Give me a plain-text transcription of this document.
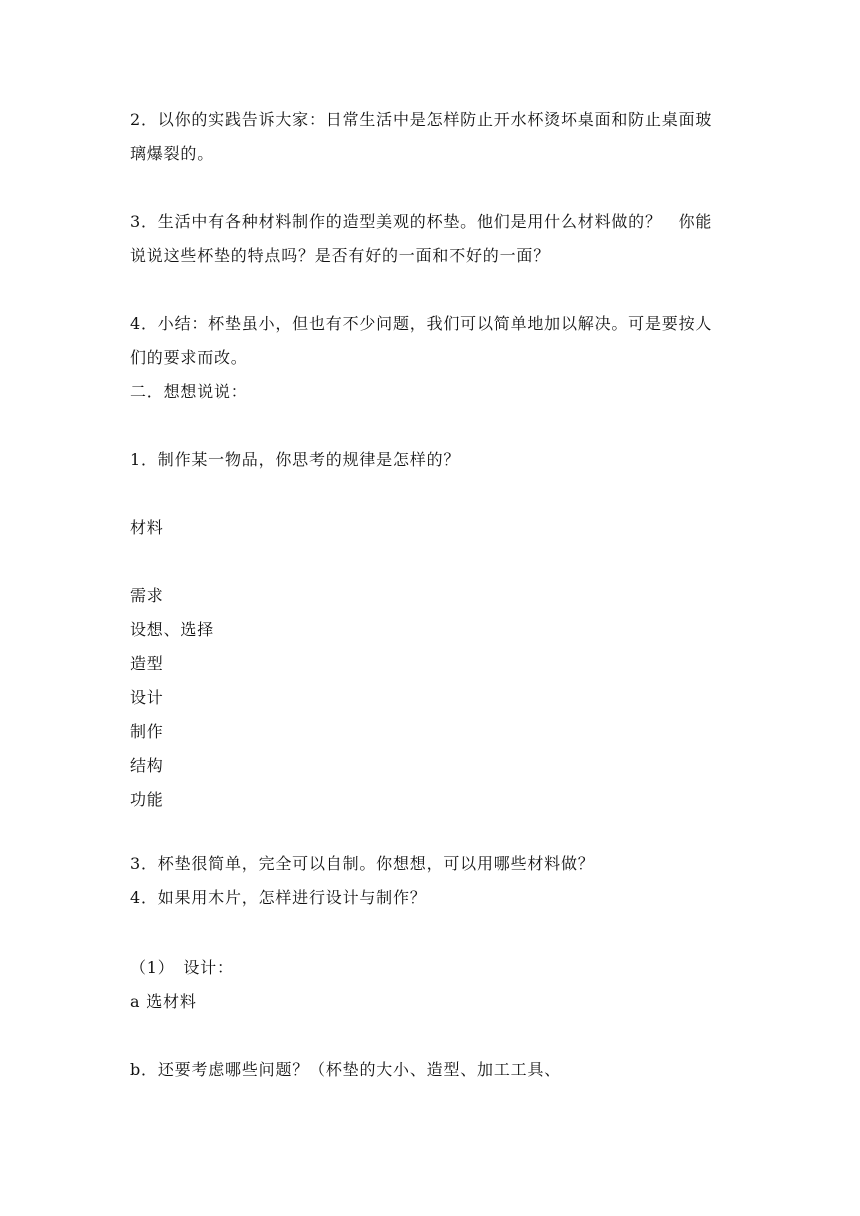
2．以你的实践告诉大家：日常生活中是怎样防止开水杯烫坏桌面和防止桌面玻
璃爆裂的。
3．生活中有各种材料制作的造型美观的杯垫。他们是用什么材料做的？　你能
说说这些杯垫的特点吗？是否有好的一面和不好的一面？
4．小结：杯垫虽小，但也有不少问题，我们可以简单地加以解决。可是要按人
们的要求而改。
二．想想说说：
1．制作某一物品，你思考的规律是怎样的？
材料
需求
设想、选择
造型
设计
制作
结构
功能
3．杯垫很简单，完全可以自制。你想想，可以用哪些材料做？
4．如果用木片，怎样进行设计与制作？
（1）　设计：
a 选材料
b．还要考虑哪些问题？（杯垫的大小、造型、加工工具、
